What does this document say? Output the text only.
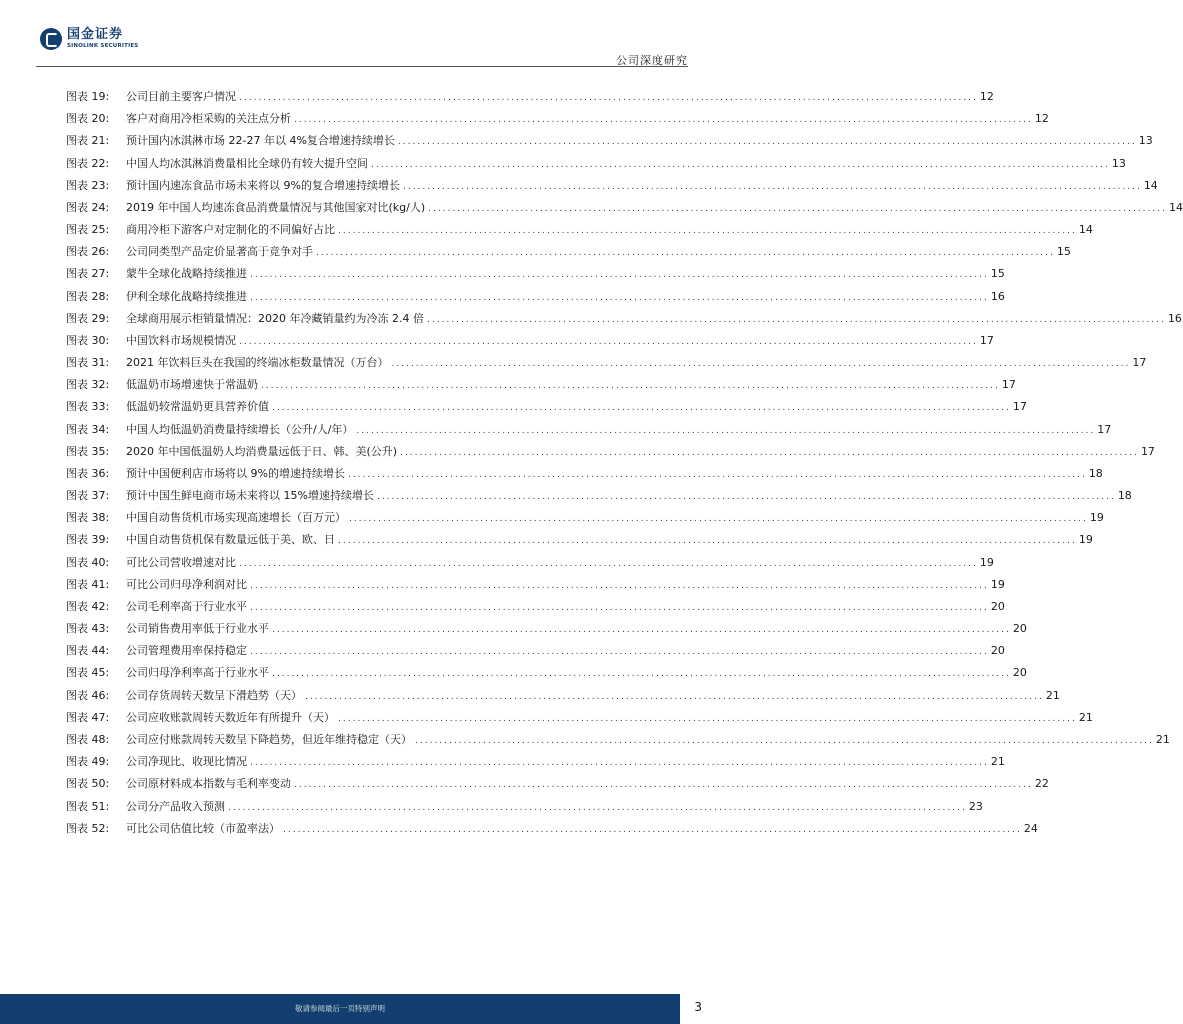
国金证券
SINOLINK SECURITIES
公司深度研究
图表 19:	公司目前主要客户情况 .....	12
图表 20:	客户对商用冷柜采购的关注点分析 .....	12
图表 21:	预计国内冰淇淋市场 22-27 年以 4%复合增速持续增长 .....	13
图表 22:	中国人均冰淇淋消费量相比全球仍有较大提升空间 .....	13
图表 23:	预计国内速冻食品市场未来将以 9%的复合增速持续增长 .....	14
图表 24:	2019 年中国人均速冻食品消费量情况与其他国家对比(kg/人) .....	14
图表 25:	商用冷柜下游客户对定制化的不同偏好占比 .....	14
图表 26:	公司同类型产品定价显著高于竞争对手 .....	15
图表 27:	蒙牛全球化战略持续推进 .....	15
图表 28:	伊利全球化战略持续推进 .....	16
图表 29:	全球商用展示柜销量情况：2020 年冷藏销量约为冷冻 2.4 倍 .....	16
图表 30:	中国饮料市场规模情况 .....	17
图表 31:	2021 年饮料巨头在我国的终端冰柜数量情况（万台） .....	17
图表 32:	低温奶市场增速快于常温奶 .....	17
图表 33:	低温奶较常温奶更具营养价值 .....	17
图表 34:	中国人均低温奶消费量持续增长（公升/人/年） .....	17
图表 35:	2020 年中国低温奶人均消费量远低于日、韩、美(公升) .....	17
图表 36:	预计中国便利店市场将以 9%的增速持续增长 .....	18
图表 37:	预计中国生鲜电商市场未来将以 15%增速持续增长 .....	18
图表 38:	中国自动售货机市场实现高速增长（百万元） .....	19
图表 39:	中国自动售货机保有数量远低于美、欧、日 .....	19
图表 40:	可比公司营收增速对比 .....	19
图表 41:	可比公司归母净利润对比 .....	19
图表 42:	公司毛利率高于行业水平 .....	20
图表 43:	公司销售费用率低于行业水平 .....	20
图表 44:	公司管理费用率保持稳定 .....	20
图表 45:	公司归母净利率高于行业水平 .....	20
图表 46:	公司存货周转天数呈下滑趋势（天） .....	21
图表 47:	公司应收账款周转天数近年有所提升（天） .....	21
图表 48:	公司应付账款周转天数呈下降趋势，但近年维持稳定（天） .....	21
图表 49:	公司净现比、收现比情况 .....	21
图表 50:	公司原材料成本指数与毛利率变动 .....	22
图表 51:	公司分产品收入预测 .....	23
图表 52:	可比公司估值比较（市盈率法） .....	24
敬请参阅最后一页特别声明	3
